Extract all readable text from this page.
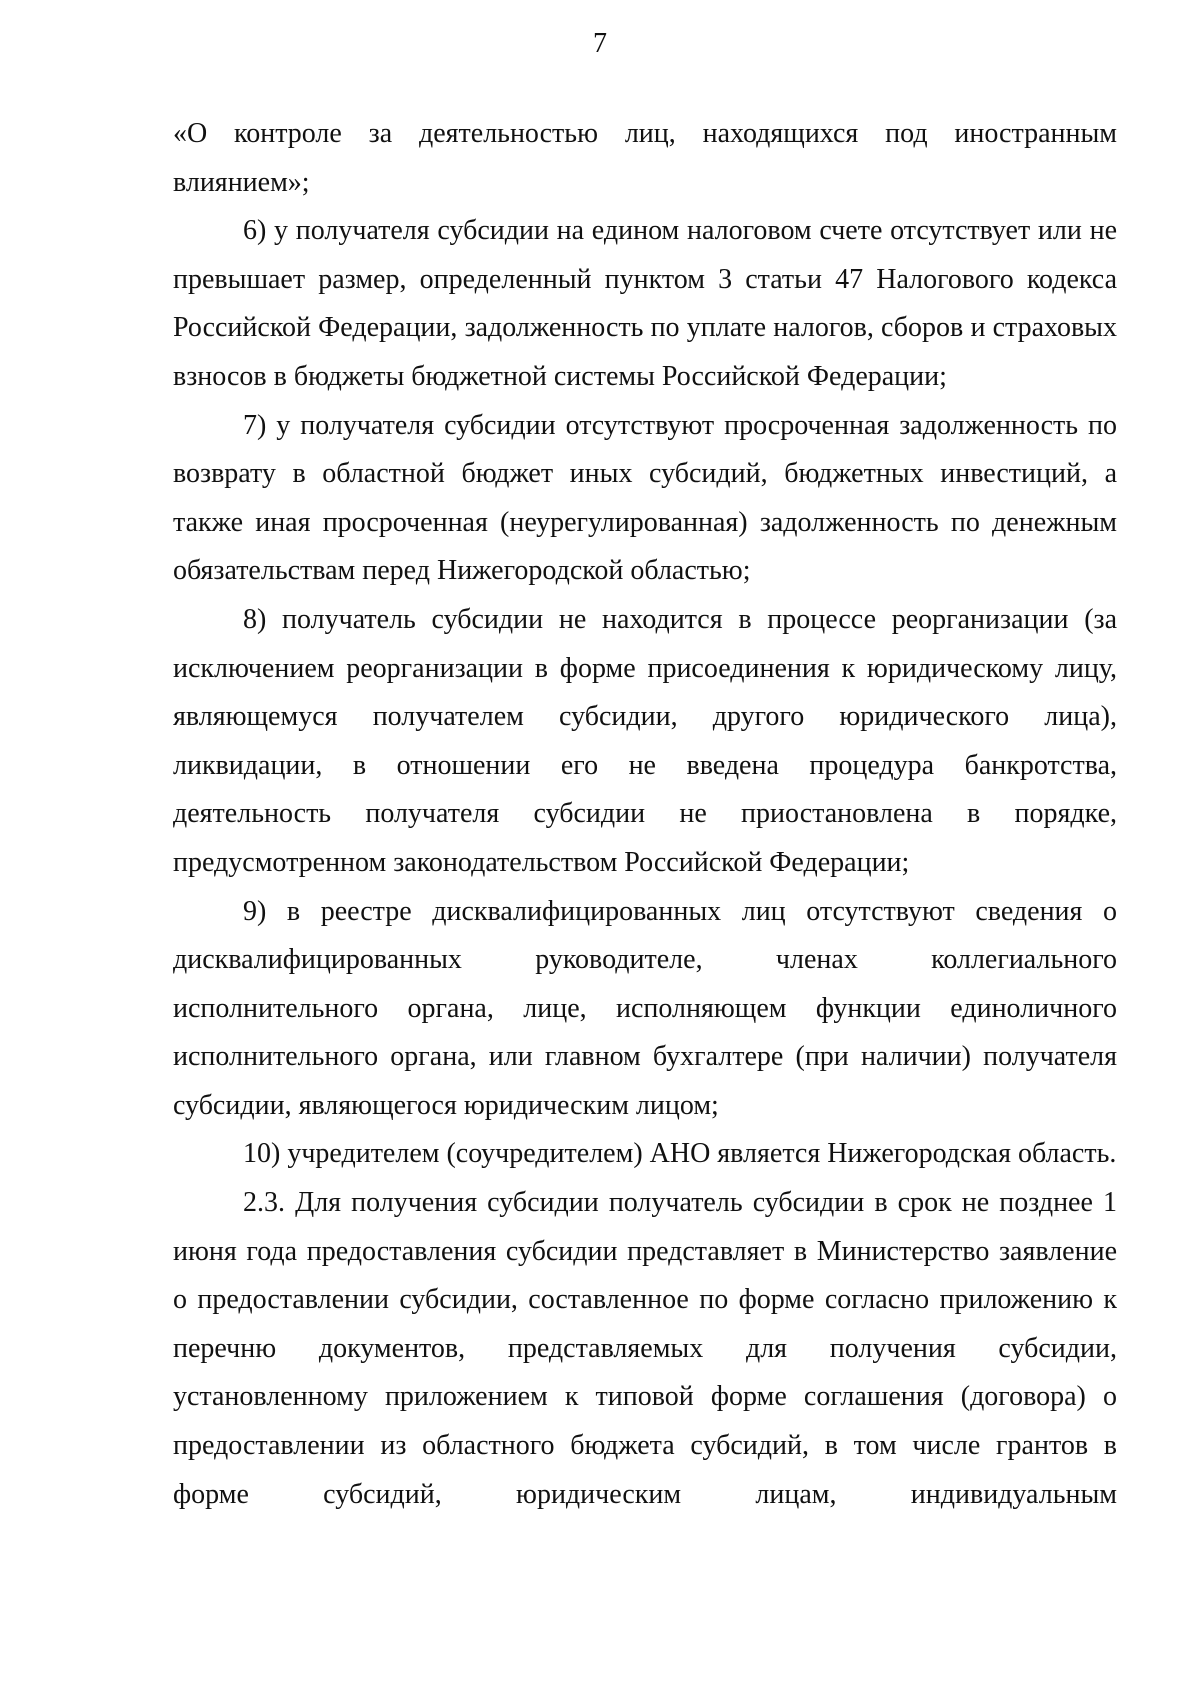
7

«О контроле за деятельностью лиц, находящихся под иностранным влиянием»;

6) у получателя субсидии на едином налоговом счете отсутствует или не превышает размер, определенный пунктом 3 статьи 47 Налогового кодекса Российской Федерации, задолженность по уплате налогов, сборов и страховых взносов в бюджеты бюджетной системы Российской Федерации;

7) у получателя субсидии отсутствуют просроченная задолженность по возврату в областной бюджет иных субсидий, бюджетных инвестиций, а также иная просроченная (неурегулированная) задолженность по денежным обязательствам перед Нижегородской областью;

8) получатель субсидии не находится в процессе реорганизации (за исключением реорганизации в форме присоединения к юридическому лицу, являющемуся получателем субсидии, другого юридического лица), ликвидации, в отношении его не введена процедура банкротства, деятельность получателя субсидии не приостановлена в порядке, предусмотренном законодательством Российской Федерации;

9) в реестре дисквалифицированных лиц отсутствуют сведения о дисквалифицированных руководителе, членах коллегиального исполнительного органа, лице, исполняющем функции единоличного исполнительного органа, или главном бухгалтере (при наличии) получателя субсидии, являющегося юридическим лицом;

10) учредителем (соучредителем) АНО является Нижегородская область.

2.3. Для получения субсидии получатель субсидии в срок не позднее 1 июня года предоставления субсидии представляет в Министерство заявление о предоставлении субсидии, составленное по форме согласно приложению к перечню документов, представляемых для получения субсидии, установленному приложением к типовой форме соглашения (договора) о предоставлении из областного бюджета субсидий, в том числе грантов в форме субсидий, юридическим лицам, индивидуальным
